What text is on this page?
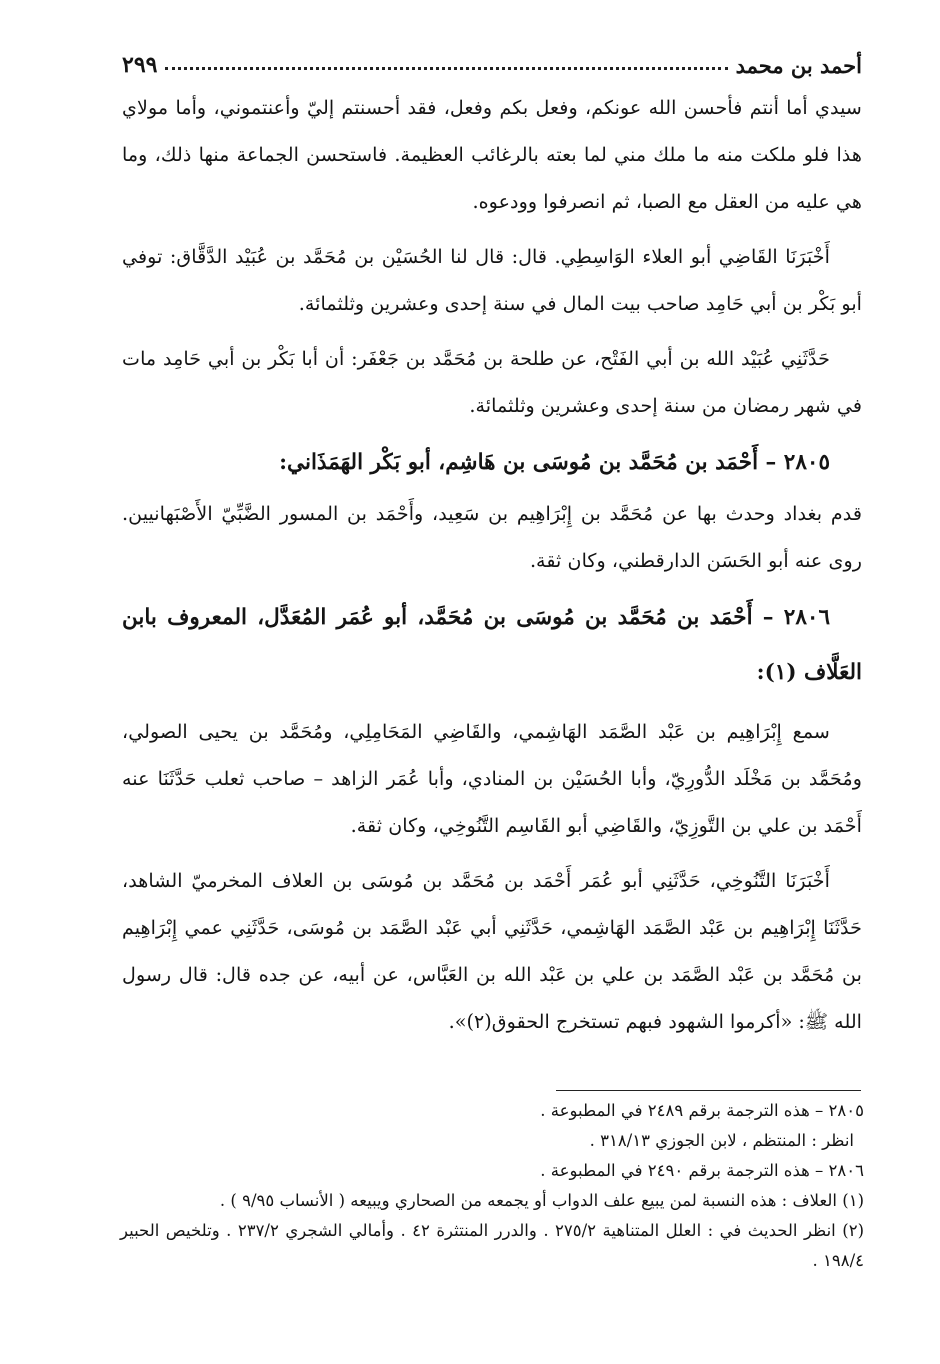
أحمد بن محمد
٢٩٩

سيدي أما أنتم فأحسن الله عونكم، وفعل بكم وفعل، فقد أحسنتم إليّ وأعنتموني، وأما مولاي هذا فلو ملكت منه ما ملك مني لما بعته بالرغائب العظيمة. فاستحسن الجماعة منها ذلك، وما هي عليه من العقل مع الصبا، ثم انصرفوا وودعوه.

أَخْبَرَنَا القَاضِي أبو العلاء الوَاسِطِي. قال: قال لنا الحُسَيْن بن مُحَمَّد بن عُبَيْد الدَّقَّاق: توفي أبو بَكْر بن أبي حَامِد صاحب بيت المال في سنة إحدى وعشرين وثلثمائة.

حَدَّثَنِي عُبَيْد الله بن أبي الفَتْح، عن طلحة بن مُحَمَّد بن جَعْفَر: أن أبا بَكْر بن أبي حَامِد مات في شهر رمضان من سنة إحدى وعشرين وثلثمائة.

٢٨٠٥ – أَحْمَد بن مُحَمَّد بن مُوسَى بن هَاشِم، أبو بَكْر الهَمَذَاني:

قدم بغداد وحدث بها عن مُحَمَّد بن إِبْرَاهِيم بن سَعِيد، وأَحْمَد بن المسور الضَّبِّيّ الأَصْبَهانيين. روى عنه أبو الحَسَن الدارقطني، وكان ثقة.

٢٨٠٦ – أَحْمَد بن مُحَمَّد بن مُوسَى بن مُحَمَّد، أبو عُمَر المُعَدَّل، المعروف بابن العَلَّاف (١):

سمع إِبْرَاهِيم بن عَبْد الصَّمَد الهَاشِمي، والقَاضِي المَحَامِلِي، ومُحَمَّد بن يحيى الصولي، ومُحَمَّد بن مَخْلَد الدُّورِيّ، وأبا الحُسَيْن بن المنادي، وأبا عُمَر الزاهد – صاحب ثعلب حَدَّثَنَا عنه أَحْمَد بن علي بن التَّوزِيّ، والقَاضِي أبو القَاسِم التَّنُوخِي، وكان ثقة.

أَخْبَرَنَا التَّنُوخِي، حَدَّثَنِي أبو عُمَر أَحْمَد بن مُحَمَّد بن مُوسَى بن العلاف المخرميّ الشاهد، حَدَّثَنَا إِبْرَاهِيم بن عَبْد الصَّمَد الهَاشِمي، حَدَّثَنِي أبي عَبْد الصَّمَد بن مُوسَى، حَدَّثَنِي عمي إِبْرَاهِيم بن مُحَمَّد بن عَبْد الصَّمَد بن علي بن عَبْد الله بن العَبَّاس، عن أبيه، عن جده قال: قال رسول الله ﷺ: «أكرموا الشهود فبهم تستخرج الحقوق(٢)».

٢٨٠٥ – هذه الترجمة برقم ٢٤٨٩ في المطبوعة .

انظر : المنتظم ، لابن الجوزي ٣١٨/١٣ .

٢٨٠٦ – هذه الترجمة برقم ٢٤٩٠ في المطبوعة .

(١) العلاف : هذه النسبة لمن يبيع علف الدواب أو يجمعه من الصحاري ويبيعه ( الأنساب ٩/٩٥ ) .

(٢) انظر الحديث في : العلل المتناهية ٢٧٥/٢ . والدرر المنتثرة ٤٢ . وأمالي الشجري ٢٣٧/٢ . وتلخيص الحبير ١٩٨/٤ .
